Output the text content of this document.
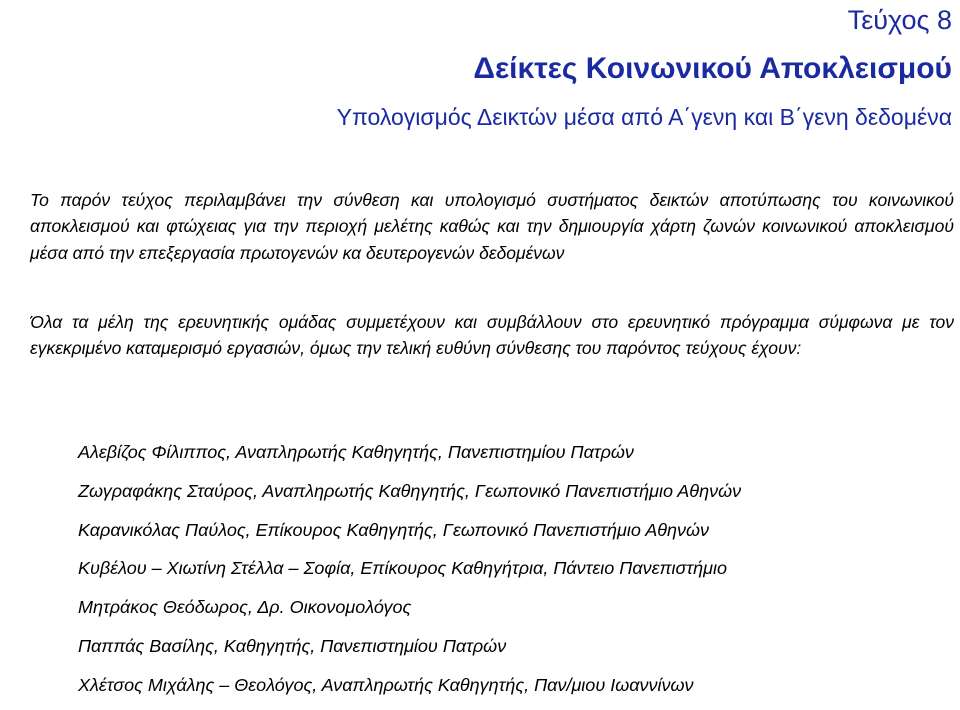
Τεύχος 8
Δείκτες Κοινωνικού Αποκλεισμού
Υπολογισμός Δεικτών μέσα από Α΄γενη και Β΄γενη δεδομένα

Το παρόν τεύχος περιλαμβάνει την σύνθεση και υπολογισμό συστήματος δεικτών αποτύπωσης του κοινωνικού αποκλεισμού και φτώχειας για την περιοχή μελέτης καθώς και την δημιουργία χάρτη ζωνών κοινωνικού αποκλεισμού μέσα από την επεξεργασία πρωτογενών κα δευτερογενών δεδομένων

Όλα τα μέλη της ερευνητικής ομάδας συμμετέχουν και συμβάλλουν στο ερευνητικό πρόγραμμα σύμφωνα με τον εγκεκριμένο καταμερισμό εργασιών, όμως την τελική ευθύνη σύνθεσης του παρόντος τεύχους έχουν:

Αλεβίζος Φίλιππος, Αναπληρωτής Καθηγητής, Πανεπιστημίου Πατρών
Ζωγραφάκης Σταύρος, Αναπληρωτής Καθηγητής, Γεωπονικό Πανεπιστήμιο Αθηνών
Καρανικόλας Παύλος, Επίκουρος Καθηγητής, Γεωπονικό Πανεπιστήμιο Αθηνών
Κυβέλου – Χιωτίνη Στέλλα – Σοφία, Επίκουρος Καθηγήτρια, Πάντειο Πανεπιστήμιο
Μητράκος Θεόδωρος, Δρ. Οικονομολόγος
Παππάς Βασίλης, Καθηγητής, Πανεπιστημίου Πατρών
Χλέτσος Μιχάλης – Θεολόγος, Αναπληρωτής Καθηγητής, Παν/μιου Ιωαννίνων
